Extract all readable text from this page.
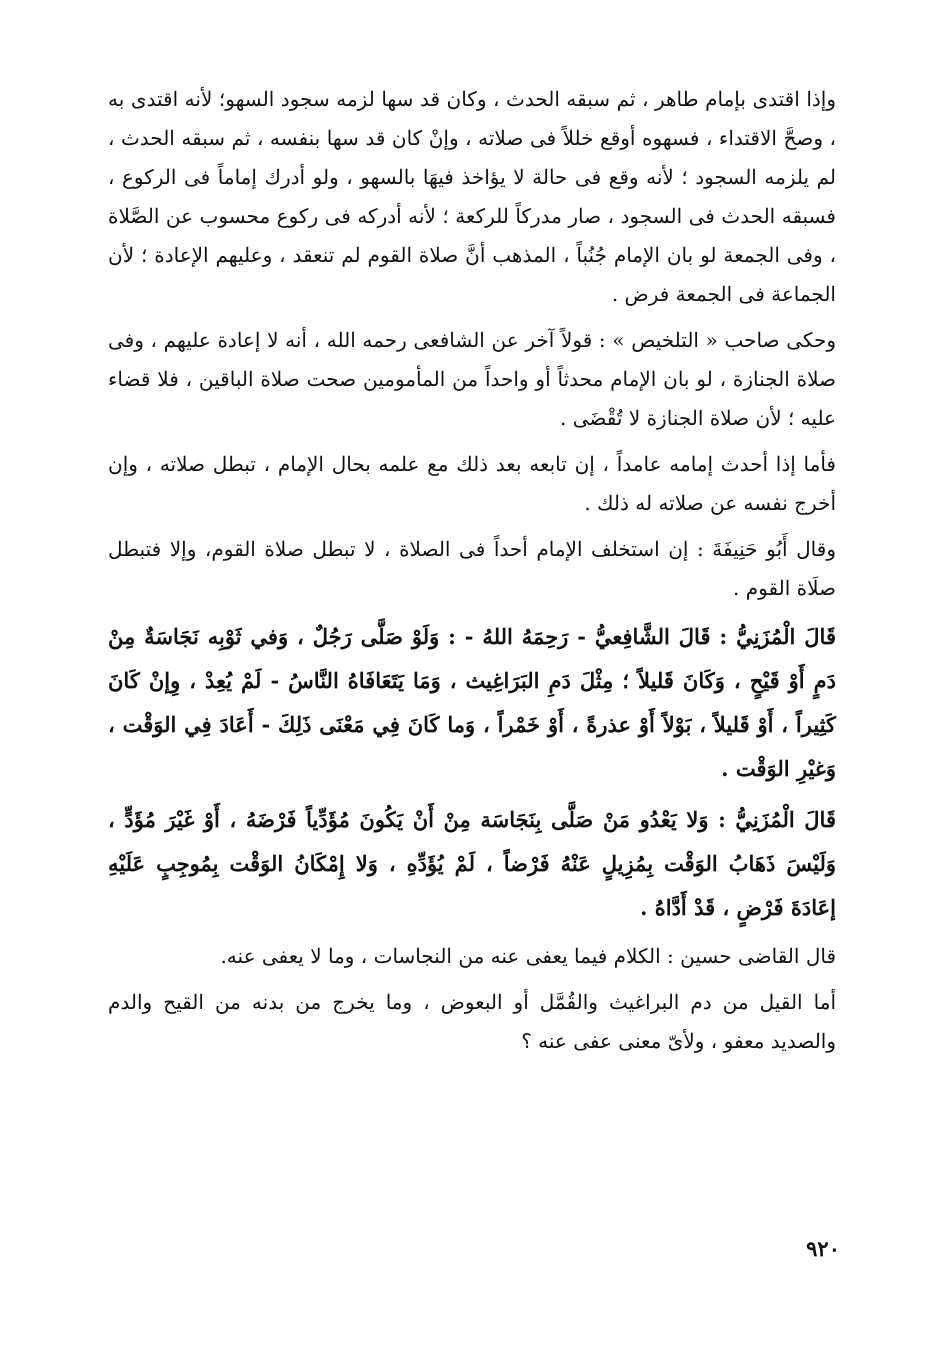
وإذا اقتدى بإمام طاهر ، ثم سبقه الحدث ، وكان قد سها لزمه سجود السهو؛ لأنه اقتدى به ، وصحَّ الاقتداء ، فسهوه أوقع خللاً فى صلاته ، وإنْ كان قد سها بنفسه ، ثم سبقه الحدث ، لم يلزمه السجود ؛ لأنه وقع فى حالة لا يؤاخذ فيهَا بالسهو ، ولو أدرك إماماً فى الركوع ، فسبقه الحدث فى السجود ، صار مدركاً للركعة ؛ لأنه أدركه فى ركوع محسوب عن الصَّلاة ، وفى الجمعة لو بان الإمام جُنُباً ، المذهب أنَّ صلاة القوم لم تنعقد ، وعليهم الإعادة ؛ لأن الجماعة فى الجمعة فرض .

وحكى صاحب « التلخيص » : قولاً آخر عن الشافعى رحمه الله ، أنه لا إعادة عليهم ، وفى صلاة الجنازة ، لو بان الإمام محدثاً أو واحداً من المأمومين صحت صلاة الباقين ، فلا قضاء عليه ؛ لأن صلاة الجنازة لا تُقْضَى .

فأما إذا أحدث إمامه عامداً ، إن تابعه بعد ذلك مع علمه بحال الإمام ، تبطل صلاته ، وإن أخرج نفسه عن صلاته له ذلك .

وقال أَبُو حَنِيفَةَ : إن استخلف الإمام أحداً فى الصلاة ، لا تبطل صلاة القوم، وإلا فتبطل صلَاة القوم .

قَالَ الْمُزَنِيُّ : قَالَ الشَّافِعيُّ - رَحِمَهُ اللهُ - : وَلَوْ صَلَّى رَجُلٌ ، وَفي ثَوْبِه نَجَاسَةٌ مِنْ دَمٍ أَوْ قَيْحٍ ، وَكَانَ قَليلاً ؛ مِثْلَ دَمِ البَرَاغِيث ، وَمَا يَتَعَافَاهُ النَّاسُ - لَمْ يُعِدْ ، وِإنْ كَانَ كَثِيراً ، أَوْ قَليلاً ، بَوْلاً أَوْ عذرةً ، أَوْ خَمْراً ، وَما كَانَ فِي مَعْنَى ذَلِكَ - أَعَادَ فِي الوَقْت ، وَغيْرِ الوَقْت .

قَالَ الْمُزَنِيُّ : وَلا يَعْدُو مَنْ صَلَّى بِنَجَاسَة مِنْ أَنْ يَكُونَ مُؤَدِّياً فَرْضَهُ ، أَوْ غَيْرَ مُؤَدٍّ ، وَلَيْسَ ذَهَابُ الوَقْت بِمُزِيلٍ عَنْهُ فَرْضاً ، لَمْ يُؤَدِّهِ ، وَلا إِمْكَانُ الوَقْت بِمُوجِبٍ عَلَيْهِ إعَادَةَ فَرْضٍ ، قَدْ أَدَّاهُ .

قال القاضى حسين : الكلام فيما يعفى عنه من النجاسات ، وما لا يعفى عنه.

أما القيل من دم البراغيث والقُمَّل أو البعوض ، وما يخرج من بدنه من القيح والدم والصديد معفو ، ولأىّ معنى عفى عنه ؟

٩٢٠
